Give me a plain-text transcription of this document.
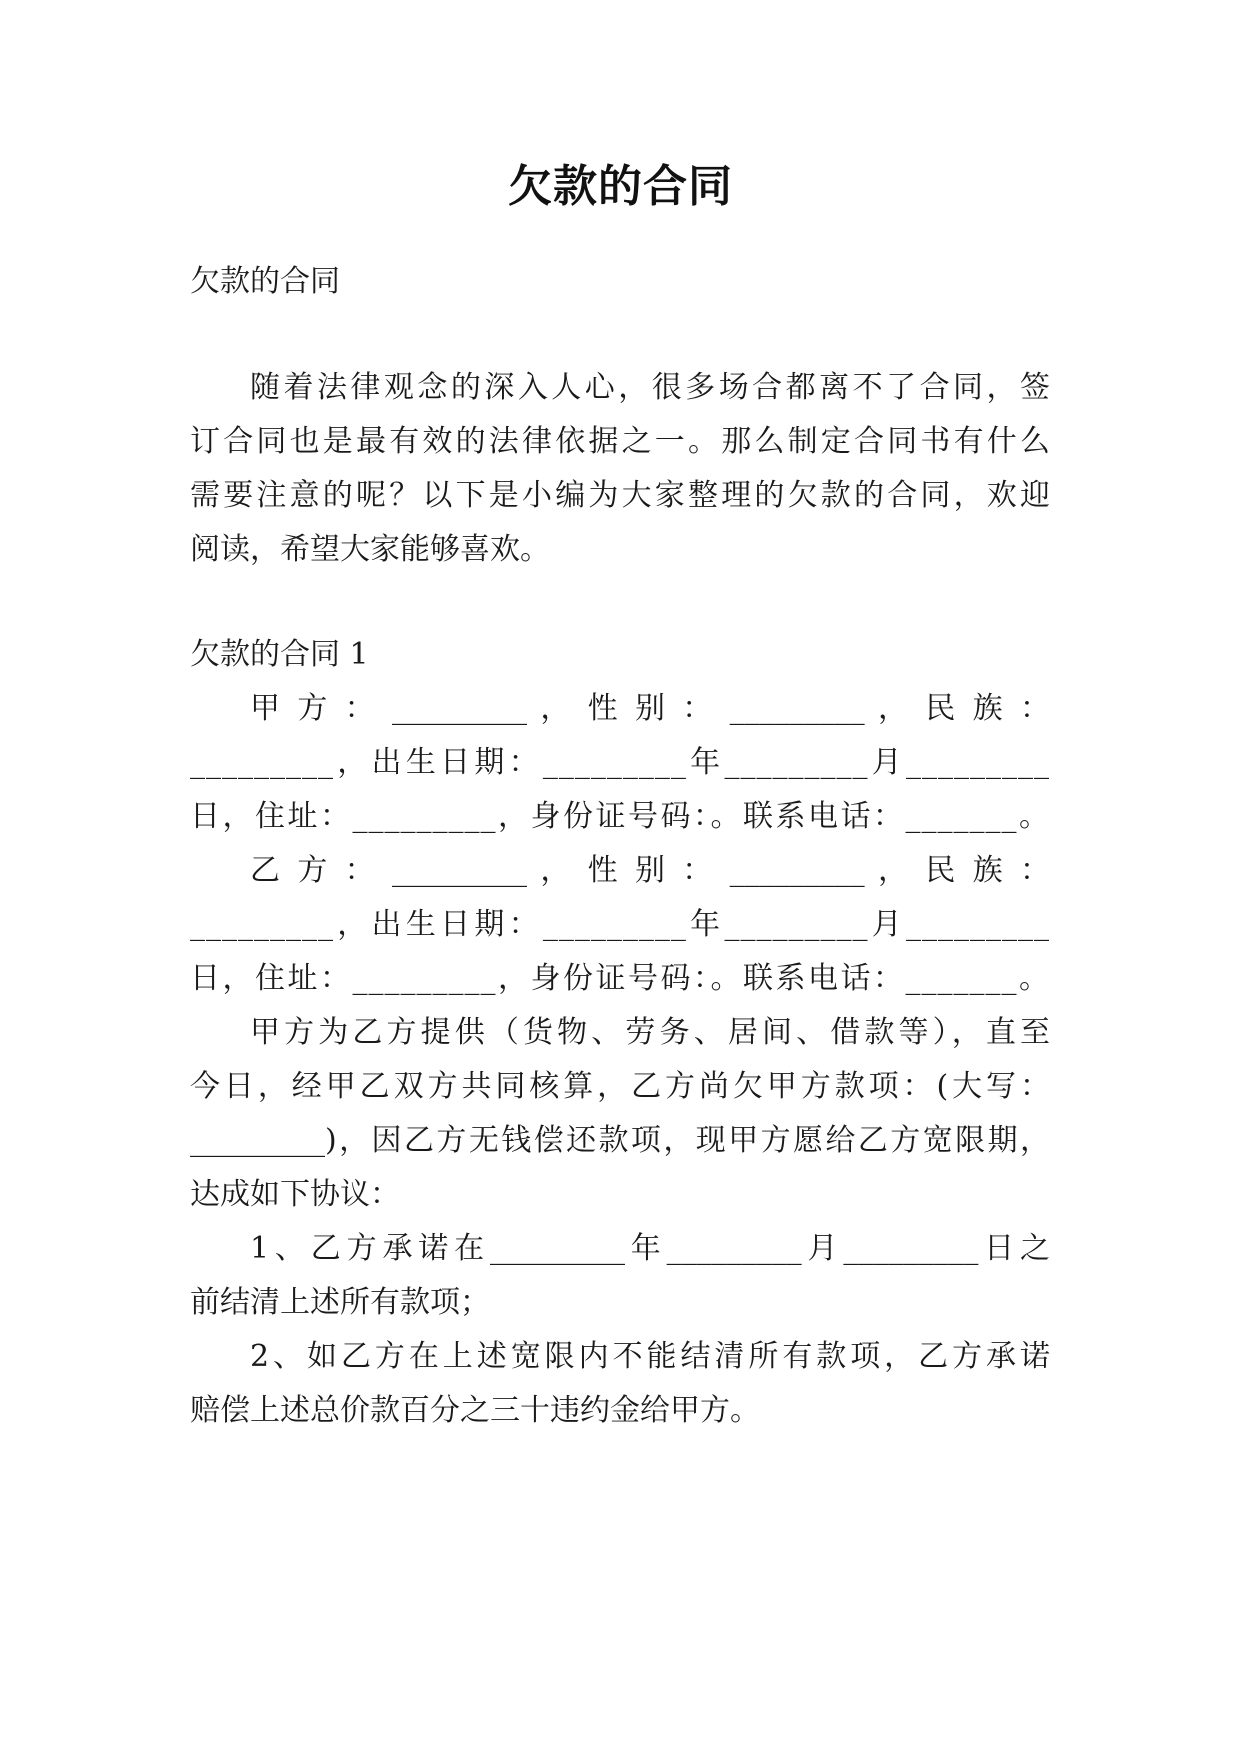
欠款的合同
欠款的合同
随着法律观念的深入人心，很多场合都离不了合同，签
订合同也是最有效的法律依据之一。那么制定合同书有什么
需要注意的呢？以下是小编为大家整理的欠款的合同，欢迎
阅读，希望大家能够喜欢。
欠款的合同 1
甲 方 ： _________ ， 性 别 ： _________ ， 民 族 ：
_________，出生日期：_________年_________月_________
日，住址：_________，身份证号码：。联系电话：_______。
乙 方 ： _________ ， 性 别 ： _________ ， 民 族 ：
_________，出生日期：_________年_________月_________
日，住址：_________，身份证号码：。联系电话：_______。
甲方为乙方提供（货物、劳务、居间、借款等），直至
今日，经甲乙双方共同核算，乙方尚欠甲方款项：(大写：
_________)，因乙方无钱偿还款项，现甲方愿给乙方宽限期，
达成如下协议：
1、乙方承诺在_________年_________月_________日之
前结清上述所有款项；
2、如乙方在上述宽限内不能结清所有款项，乙方承诺
赔偿上述总价款百分之三十违约金给甲方。
